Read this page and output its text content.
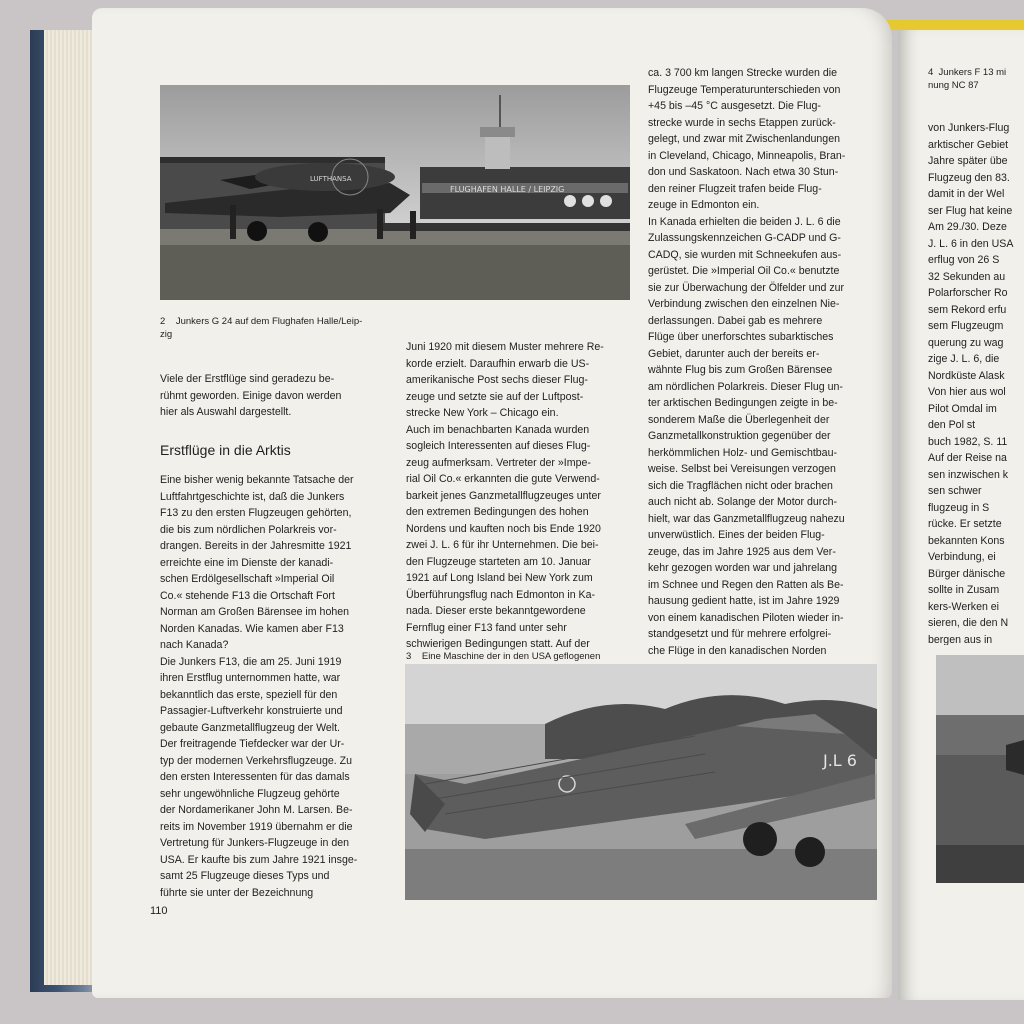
FLUGHAFEN HALLE / LEIPZIG
LUFTHANSA
2 Junkers G 24 auf dem Flughafen Halle/Leip-
zig

Viele der Erstflüge sind geradezu be-
rühmt geworden. Einige davon werden
hier als Auswahl dargestellt.

Erstflüge in die Arktis

Eine bisher wenig bekannte Tatsache der
Luftfahrtgeschichte ist, daß die Junkers
F13 zu den ersten Flugzeugen gehörten,
die bis zum nördlichen Polarkreis vor-
drangen. Bereits in der Jahresmitte 1921
erreichte eine im Dienste der kanadi-
schen Erdölgesellschaft »Imperial Oil
Co.« stehende F13 die Ortschaft Fort
Norman am Großen Bärensee im hohen
Norden Kanadas. Wie kamen aber F13
nach Kanada?
Die Junkers F13, die am 25. Juni 1919
ihren Erstflug unternommen hatte, war
bekanntlich das erste, speziell für den
Passagier-Luftverkehr konstruierte und
gebaute Ganzmetallflugzeug der Welt.
Der freitragende Tiefdecker war der Ur-
typ der modernen Verkehrsflugzeuge. Zu
den ersten Interessenten für das damals
sehr ungewöhnliche Flugzeug gehörte
der Nordamerikaner John M. Larsen. Be-
reits im November 1919 übernahm er die
Vertretung für Junkers-Flugzeuge in den
USA. Er kaufte bis zum Jahre 1921 insge-
samt 25 Flugzeuge dieses Typs und
führte sie unter der Bezeichnung

Juni 1920 mit diesem Muster mehrere Re-
korde erzielt. Daraufhin erwarb die US-
amerikanische Post sechs dieser Flug-
zeuge und setzte sie auf der Luftpost-
strecke New York – Chicago ein.
Auch im benachbarten Kanada wurden
sogleich Interessenten auf dieses Flug-
zeug aufmerksam. Vertreter der »Impe-
rial Oil Co.« erkannten die gute Verwend-
barkeit jenes Ganzmetallflugzeuges unter
den extremen Bedingungen des hohen
Nordens und kauften noch bis Ende 1920
zwei J. L. 6 für ihr Unternehmen. Die bei-
den Flugzeuge starteten am 10. Januar
1921 auf Long Island bei New York zum
Überführungsflug nach Edmonton in Ka-
nada. Dieser erste bekanntgewordene
Fernflug einer F13 fand unter sehr
schwierigen Bedingungen statt. Auf der

3 Eine Maschine der in den USA geflogenen

ca. 3 700 km langen Strecke wurden die
Flugzeuge Temperaturunterschieden von
+45 bis –45 °C ausgesetzt. Die Flug-
strecke wurde in sechs Etappen zurück-
gelegt, und zwar mit Zwischenlandungen
in Cleveland, Chicago, Minneapolis, Bran-
don und Saskatoon. Nach etwa 30 Stun-
den reiner Flugzeit trafen beide Flug-
zeuge in Edmonton ein.
In Kanada erhielten die beiden J. L. 6 die
Zulassungskennzeichen G-CADP und G-
CADQ, sie wurden mit Schneekufen aus-
gerüstet. Die »Imperial Oil Co.« benutzte
sie zur Überwachung der Ölfelder und zur
Verbindung zwischen den einzelnen Nie-
derlassungen. Dabei gab es mehrere
Flüge über unerforschtes subarktisches
Gebiet, darunter auch der bereits er-
wähnte Flug bis zum Großen Bärensee
am nördlichen Polarkreis. Dieser Flug un-
ter arktischen Bedingungen zeigte in be-
sonderem Maße die Überlegenheit der
Ganzmetallkonstruktion gegenüber der
herkömmlichen Holz- und Gemischtbau-
weise. Selbst bei Vereisungen verzogen
sich die Tragflächen nicht oder brachen
auch nicht ab. Solange der Motor durch-
hielt, war das Ganzmetallflugzeug nahezu
unverwüstlich. Eines der beiden Flug-
zeuge, das im Jahre 1925 aus dem Ver-
kehr gezogen worden war und jahrelang
im Schnee und Regen den Ratten als Be-
hausung gedient hatte, ist im Jahre 1929
von einem kanadischen Piloten wieder in-
standgesetzt und für mehrere erfolgrei-
che Flüge in den kanadischen Norden

J.L 6
110
4  Junkers F 13 mi
nung NC 87

von Junkers-Flug
arktischer Gebiet
Jahre später übe
Flugzeug den 83.
damit in der Wel
ser Flug hat keine
Am 29./30. Deze
J. L. 6 in den USA
erflug von 26 S
32 Sekunden au
Polarforscher Ro
sem Rekord erfu
sem Flugzeugm
querung zu wag
zige J. L. 6, die
Nordküste Alask
Von hier aus wol
Pilot Omdal im
den Pol st
buch 1982, S. 11
Auf der Reise na
sen inzwischen k
sen schwer
flugzeug in S
rücke. Er setzte
bekannten Kons
Verbindung, ei
Bürger dänische
sollte in Zusam
kers-Werken ei
sieren, die den N
bergen aus in
